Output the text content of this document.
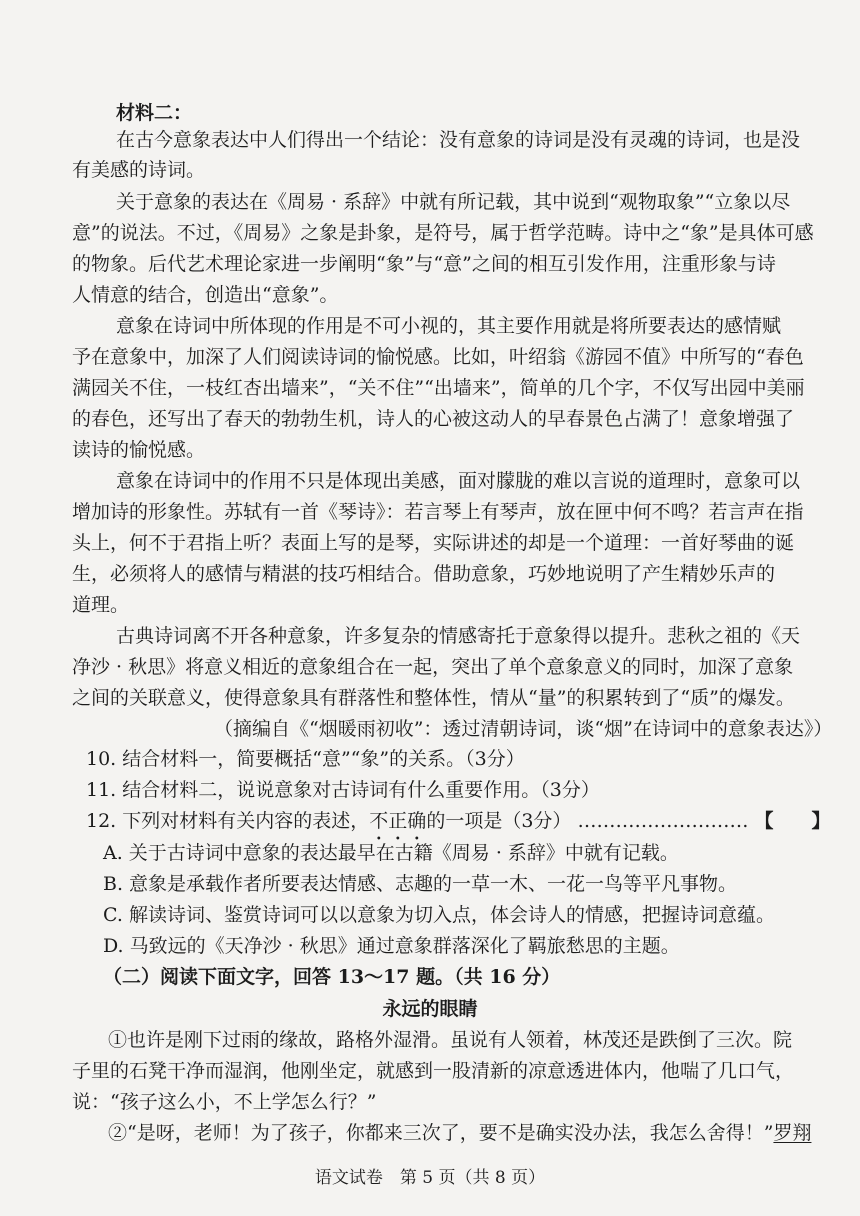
材料二：
在古今意象表达中人们得出一个结论：没有意象的诗词是没有灵魂的诗词，也是没
有美感的诗词。
关于意象的表达在《周易 · 系辞》中就有所记载，其中说到“观物取象”“立象以尽
意”的说法。不过，《周易》之象是卦象，是符号，属于哲学范畴。诗中之“象”是具体可感
的物象。后代艺术理论家进一步阐明“象”与“意”之间的相互引发作用，注重形象与诗
人情意的结合，创造出“意象”。
意象在诗词中所体现的作用是不可小视的，其主要作用就是将所要表达的感情赋
予在意象中，加深了人们阅读诗词的愉悦感。比如，叶绍翁《游园不值》中所写的“春色
满园关不住，一枝红杏出墙来”，“关不住”“出墙来”，简单的几个字，不仅写出园中美丽
的春色，还写出了春天的勃勃生机，诗人的心被这动人的早春景色占满了！意象增强了
读诗的愉悦感。
意象在诗词中的作用不只是体现出美感，面对朦胧的难以言说的道理时，意象可以
增加诗的形象性。苏轼有一首《琴诗》：若言琴上有琴声，放在匣中何不鸣？若言声在指
头上，何不于君指上听？表面上写的是琴，实际讲述的却是一个道理：一首好琴曲的诞
生，必须将人的感情与精湛的技巧相结合。借助意象，巧妙地说明了产生精妙乐声的
道理。
古典诗词离不开各种意象，许多复杂的情感寄托于意象得以提升。悲秋之祖的《天
净沙 · 秋思》将意义相近的意象组合在一起，突出了单个意象意义的同时，加深了意象
之间的关联意义，使得意象具有群落性和整体性，情从“量”的积累转到了“质”的爆发。
（摘编自《“烟暖雨初收”：透过清朝诗词，谈“烟”在诗词中的意象表达》）
10. 结合材料一，简要概括“意”“象”的关系。（3分）
11. 结合材料二，说说意象对古诗词有什么重要作用。（3分）
12. 下列对材料有关内容的表述，不正确的一项是（3分） ……………………… 【　　】
A. 关于古诗词中意象的表达最早在古籍《周易 · 系辞》中就有记载。
B. 意象是承载作者所要表达情感、志趣的一草一木、一花一鸟等平凡事物。
C. 解读诗词、鉴赏诗词可以以意象为切入点，体会诗人的情感，把握诗词意蕴。
D. 马致远的《天净沙 · 秋思》通过意象群落深化了羁旅愁思的主题。
（二）阅读下面文字，回答 13～17 题。（共 16 分）
永远的眼睛
①也许是刚下过雨的缘故，路格外湿滑。虽说有人领着，林茂还是跌倒了三次。院
子里的石凳干净而湿润，他刚坐定，就感到一股清新的凉意透进体内，他喘了几口气，
说：“孩子这么小，不上学怎么行？”
②“是呀，老师！为了孩子，你都来三次了，要不是确实没办法，我怎么舍得！”罗翔
语文试卷　第 5 页（共 8 页）
